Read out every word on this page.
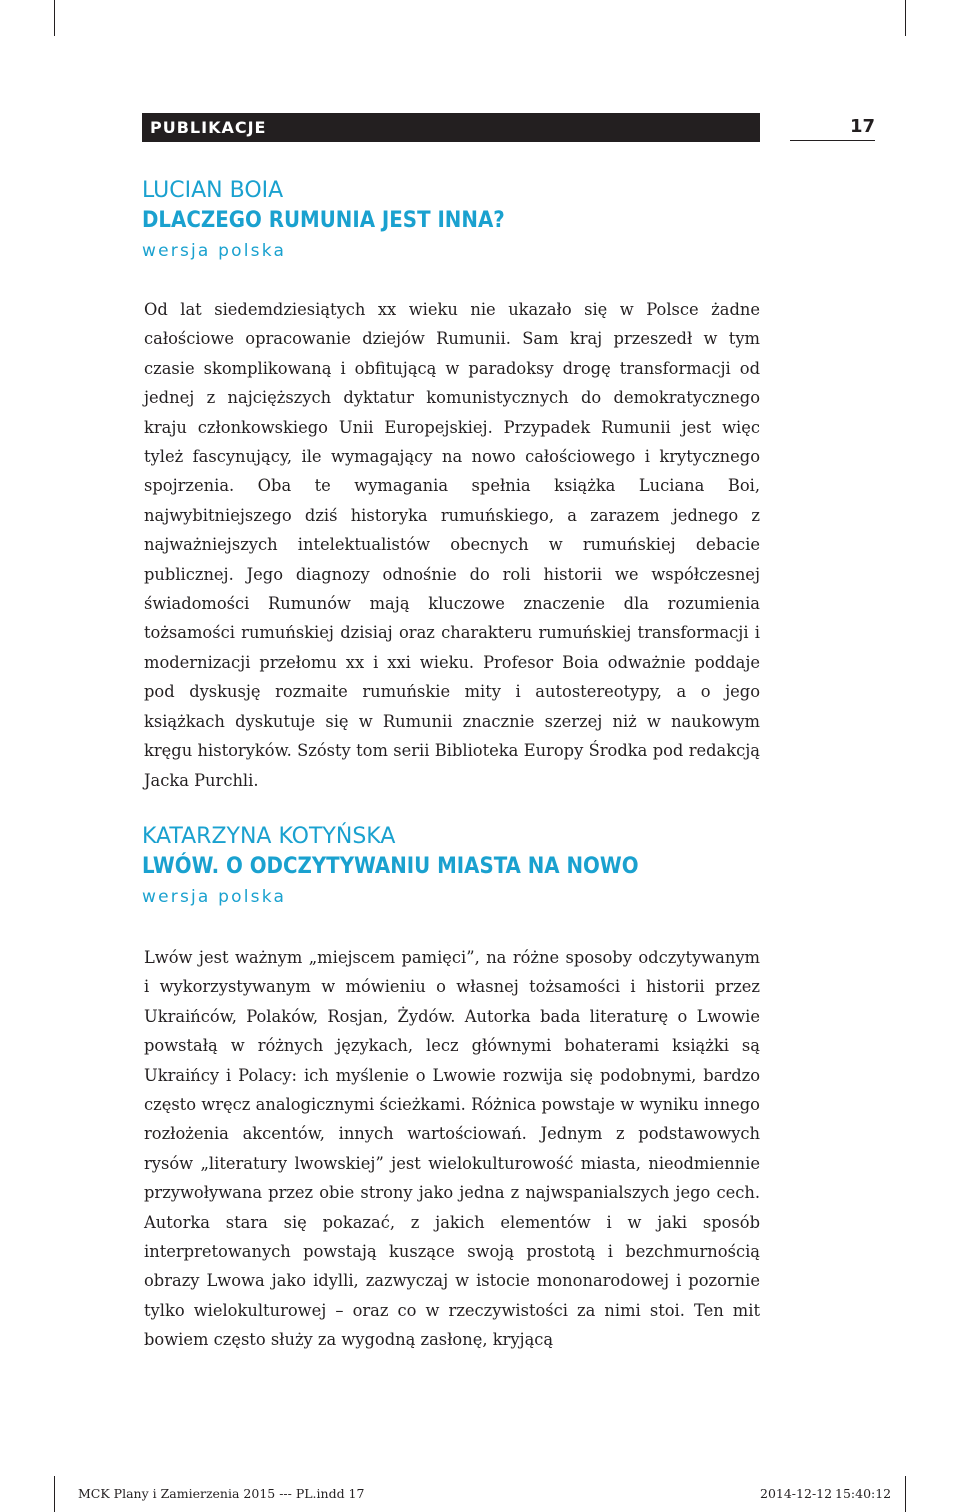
PUBLIKACJE	17
LUCIAN BOIA
DLACZEGO RUMUNIA JEST INNA?
wersja polska
Od lat siedemdziesiątych xx wieku nie ukazało się w Polsce żadne całościowe opracowanie dziejów Rumunii. Sam kraj przeszedł w tym czasie skomplikowaną i obfitującą w paradoksy drogę transformacji od jednej z najcięższych dyktatur komunistycznych do demokratycznego kraju członkowskiego Unii Europejskiej. Przypadek Rumunii jest więc tyleż fascynujący, ile wymagający na nowo całościowego i krytycznego spojrzenia. Oba te wymagania spełnia książka Luciana Boi, najwybitniejszego dziś historyka rumuńskiego, a zarazem jednego z najważniejszych intelektualistów obecnych w rumuńskiej debacie publicznej. Jego diagnozy odnośnie do roli historii we współczesnej świadomości Rumunów mają kluczowe znaczenie dla rozumienia tożsamości rumuńskiej dzisiaj oraz charakteru rumuńskiej transformacji i modernizacji przełomu xx i xxi wieku. Profesor Boia odważnie poddaje pod dyskusję rozmaite rumuńskie mity i autostereotypy, a o jego książkach dyskutuje się w Rumunii znacznie szerzej niż w naukowym kręgu historyków. Szósty tom serii Biblioteka Europy Środka pod redakcją Jacka Purchli.
KATARZYNA KOTYŃSKA
LWÓW. O ODCZYTYWANIU MIASTA NA NOWO
wersja polska
Lwów jest ważnym „miejscem pamięci”, na różne sposoby odczytywanym i wykorzystywanym w mówieniu o własnej tożsamości i historii przez Ukraińców, Polaków, Rosjan, Żydów. Autorka bada literaturę o Lwowie powstałą w różnych językach, lecz głównymi bohaterami książki są Ukraińcy i Polacy: ich myślenie o Lwowie rozwija się podobnymi, bardzo często wręcz analogicznymi ścieżkami. Różnica powstaje w wyniku innego rozłożenia akcentów, innych wartościowań. Jednym z podstawowych rysów „literatury lwowskiej” jest wielokulturowość miasta, nieodmiennie przywoływana przez obie strony jako jedna z najwspanialszych jego cech. Autorka stara się pokazać, z jakich elementów i w jaki sposób interpretowanych powstają kuszące swoją prostotą i bezchmurnością obrazy Lwowa jako idylli, zazwyczaj w istocie mononarodowej i pozornie tylko wielokulturowej – oraz co w rzeczywistości za nimi stoi. Ten mit bowiem często służy za wygodną zasłonę, kryjącą
MCK Plany i Zamierzenia 2015 --- PL.indd 17	2014-12-12 15:40:12
